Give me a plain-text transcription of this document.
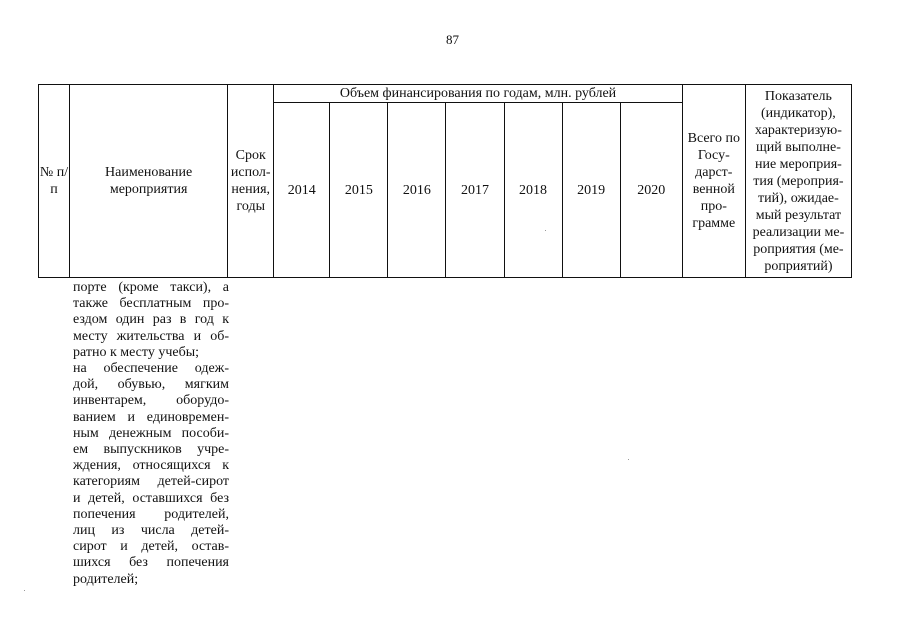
87
№ п/п	Наименование мероприятия	Срок испол-нения, годы	Объем финансирования по годам, млн. рублей							Всего по Госу-дарст-венной про-грамме	Показатель (индикатор), характеризую-щий выполне-ние мероприя-тия (мероприя-тий), ожидае-мый результат реализации ме-роприятия (ме-роприятий)
			2014	2015	2016	2017	2018	2019	2020		
порте (кроме такси), а
также бесплатным про-
ездом один раз в год к
месту жительства и об-
ратно к месту учебы;
на обеспечение одеж-
дой, обувью, мягким
инвентарем, оборудо-
ванием и единовремен-
ным денежным пособи-
ем выпускников учре-
ждения, относящихся к
категориям детей-сирот
и детей, оставшихся без
попечения родителей,
лиц из числа детей-
сирот и детей, остав-
шихся без попечения
родителей;
